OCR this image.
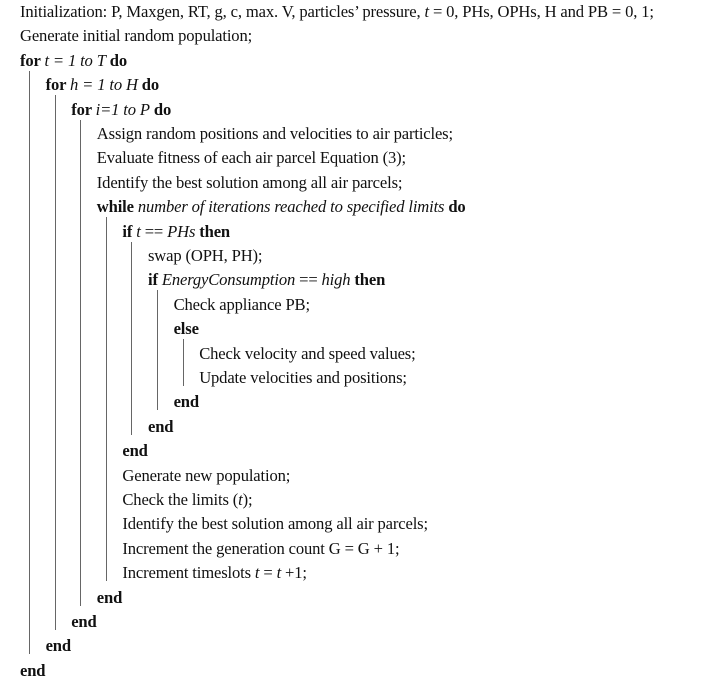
Initialization: P, Maxgen, RT, g, c, max. V, particles’ pressure, t = 0, PHs, OPHs, H and PB = 0, 1;
Generate initial random population;
for t = 1 to T do
for h = 1 to H do
for i=1 to P do
Assign random positions and velocities to air particles;
Evaluate fitness of each air parcel Equation (3);
Identify the best solution among all air parcels;
while number of iterations reached to specified limits do
if t == PHs then
swap (OPH, PH);
if EnergyConsumption == high then
Check appliance PB;
else
Check velocity and speed values;
Update velocities and positions;
end
end
end
Generate new population;
Check the limits (t);
Identify the best solution among all air parcels;
Increment the generation count G = G + 1;
Increment timeslots t = t +1;
end
end
end
end
